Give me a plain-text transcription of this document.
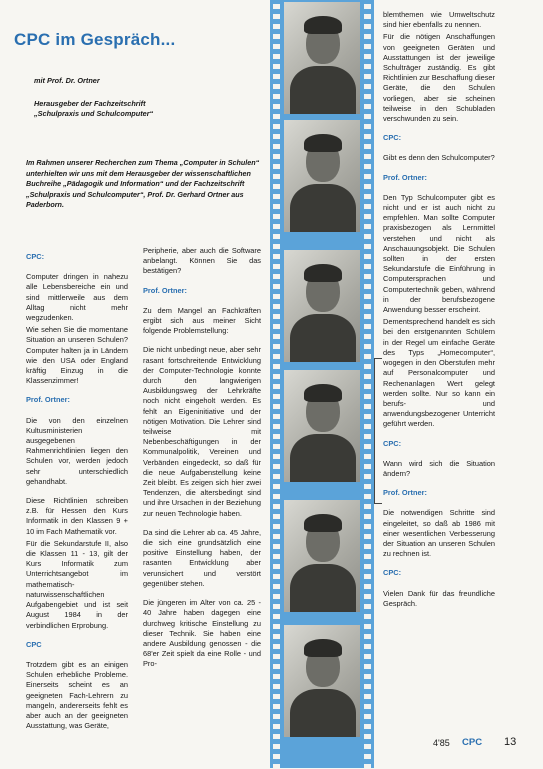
CPC im Gespräch...
mit Prof. Dr. Ortner
Herausgeber der Fachzeitschrift
„Schulpraxis und Schulcomputer“
Im Rahmen unserer Recherchen zum Thema „Computer in Schulen“ unterhielten wir uns mit dem Herausgeber der wissenschaftlichen Buchreihe „Pädagogik und Information“ und der Fachzeitschrift „Schulpraxis und Schulcomputer“, Prof. Dr. Gerhard Ortner aus Paderborn.
CPC:

Computer dringen in nahezu alle Lebensbereiche ein und sind mittlerweile aus dem Alltag nicht mehr wegzudenken.

Wie sehen Sie die momentane Situation an unseren Schulen? Computer halten ja in Ländern wie den USA oder England kräftig Einzug in die Klassenzimmer!

Prof. Ortner:

Die von den einzelnen Kultusministerien ausgegebenen Rahmenrichtlinien liegen den Schulen vor, werden jedoch sehr unterschiedlich gehandhabt.

Diese Richtlinien schreiben z.B. für Hessen den Kurs Informatik in den Klassen 9 + 10 im Fach Mathematik vor.

Für die Sekundarstufe II, also die Klassen 11 - 13, gilt der Kurs Informatik zum Unterrichtsangebot im mathematisch-naturwissenschaftlichen Aufgabengebiet und ist seit August 1984 in der verbindlichen Erprobung.

CPC

Trotzdem gibt es an einigen Schulen erhebliche Probleme. Einerseits scheint es an geeigneten Fach-Lehrern zu mangeln, andererseits fehlt es aber auch an der geeigneten Ausstattung, was Geräte,

Peripherie, aber auch die Software anbelangt. Können Sie das bestätigen?

Prof. Ortner:

Zu dem Mangel an Fachkräften ergibt sich aus meiner Sicht folgende Problemstellung:

Die nicht unbedingt neue, aber sehr rasant fortschreitende Entwicklung der Computer-Technologie konnte durch den langwierigen Ausbildungsweg der Lehrkräfte noch nicht eingeholt werden. Es fehlt an Eigeninitiative und der nötigen Motivation. Die Lehrer sind teilweise mit Nebenbeschäftigungen in der Kommunalpolitik, Vereinen und Verbänden eingedeckt, so daß für die neue Aufgabenstellung keine Zeit bleibt. Es zeigen sich hier zwei Tendenzen, die altersbedingt sind und ihre Ursachen in der Beziehung zur neuen Technologie haben.

Da sind die Lehrer ab ca. 45 Jahre, die sich eine grundsätzlich eine positive Einstellung haben, der rasanten Entwicklung aber verunsichert und verstört gegenüber stehen.

Die jüngeren im Alter von ca. 25 - 40 Jahre haben dagegen eine durchweg kritische Einstellung zu dieser Technik. Sie haben eine andere Ausbildung genossen - die 68'er Zeit spielt da eine Rolle - und Pro-

blemthemen wie Umweltschutz sind hier ebenfalls zu nennen.

Für die nötigen Anschaffungen von geeigneten Geräten und Ausstattungen ist der jeweilige Schulträger zuständig. Es gibt Richtlinien zur Beschaffung dieser Geräte, die den Schulen vorliegen, aber sie scheinen teilweise in den Schubladen verschwunden zu sein.

CPC:

Gibt es denn den Schulcomputer?

Prof. Ortner:

Den Typ Schulcomputer gibt es nicht und er ist auch nicht zu empfehlen. Man sollte Computer praxisbezogen als Lernmittel verstehen und nicht als Anschauungsobjekt. Die Schulen sollten in der ersten Sekundarstufe die Einführung in Computersprachen und Computertechnik geben, während in der berufsbezogene Anwendung besser erscheint.

Dementsprechend handelt es sich bei den erstgenannten Schülern in der Regel um einfache Geräte des Typs „Homecomputer“, wogegen in den Oberstufen mehr auf Personalcomputer und Rechenanlagen Wert gelegt werden sollte. Nur so kann ein berufs- und anwendungsbezogener Unterricht geführt werden.

CPC:

Wann wird sich die Situation ändern?

Prof. Ortner:

Die notwendigen Schritte sind eingeleitet, so daß ab 1986 mit einer wesentlichen Verbesserung der Situation an unseren Schulen zu rechnen ist.

CPC:

Vielen Dank für das freundliche Gespräch.

4'85 CPC 13
